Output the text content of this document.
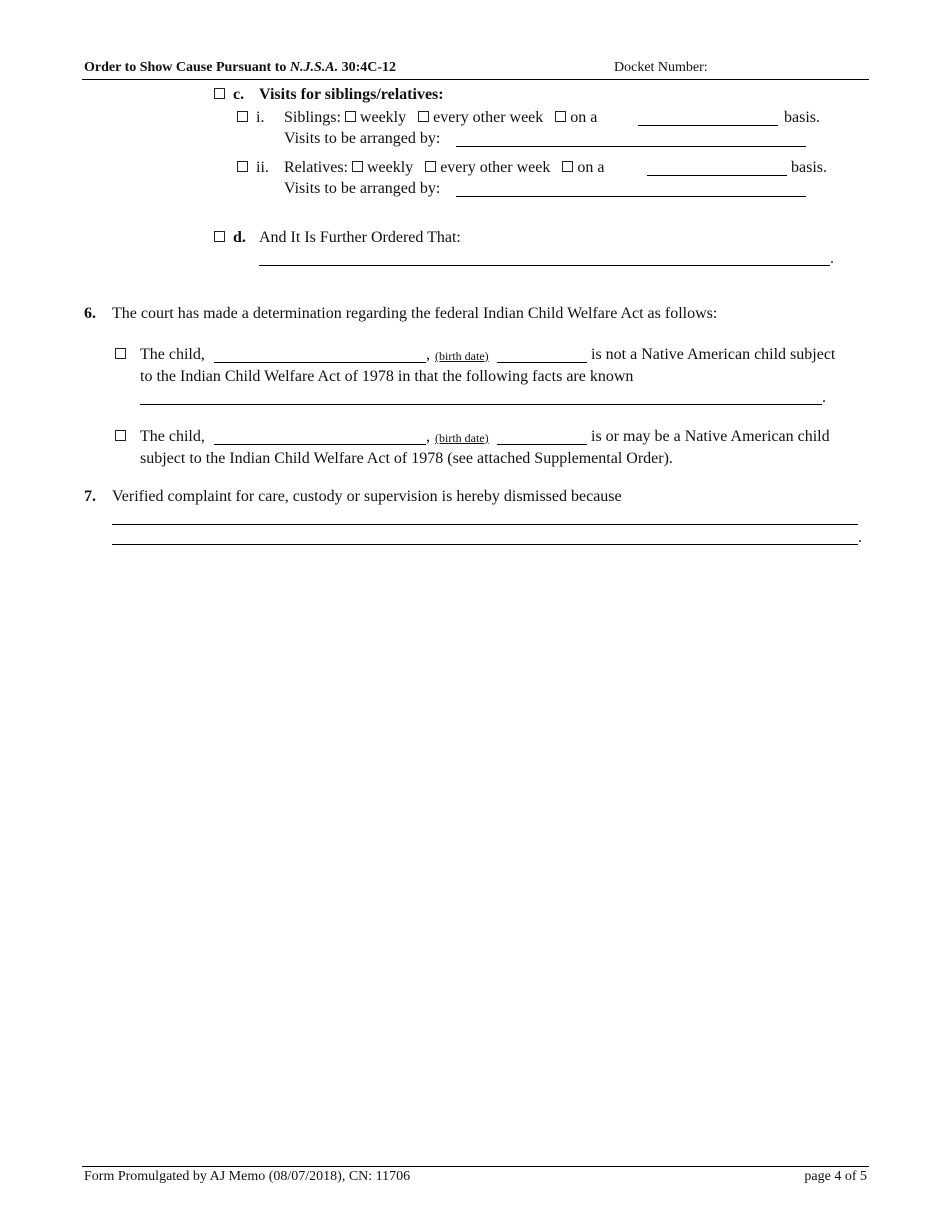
Order to Show Cause Pursuant to N.J.S.A. 30:4C-12	Docket Number:
c. Visits for siblings/relatives:
i. Siblings: weekly every other week on a	basis.
Visits to be arranged by:
ii. Relatives: weekly every other week on a	basis.
Visits to be arranged by:
d. And It Is Further Ordered That:
.
6. The court has made a determination regarding the federal Indian Child Welfare Act as follows:
The child,	, (birth date)	is not a Native American child subject
to the Indian Child Welfare Act of 1978 in that the following facts are known
.
The child,	, (birth date)	is or may be a Native American child
subject to the Indian Child Welfare Act of 1978 (see attached Supplemental Order).
7. Verified complaint for care, custody or supervision is hereby dismissed because
.
Form Promulgated by AJ Memo (08/07/2018), CN: 11706	page 4 of 5
